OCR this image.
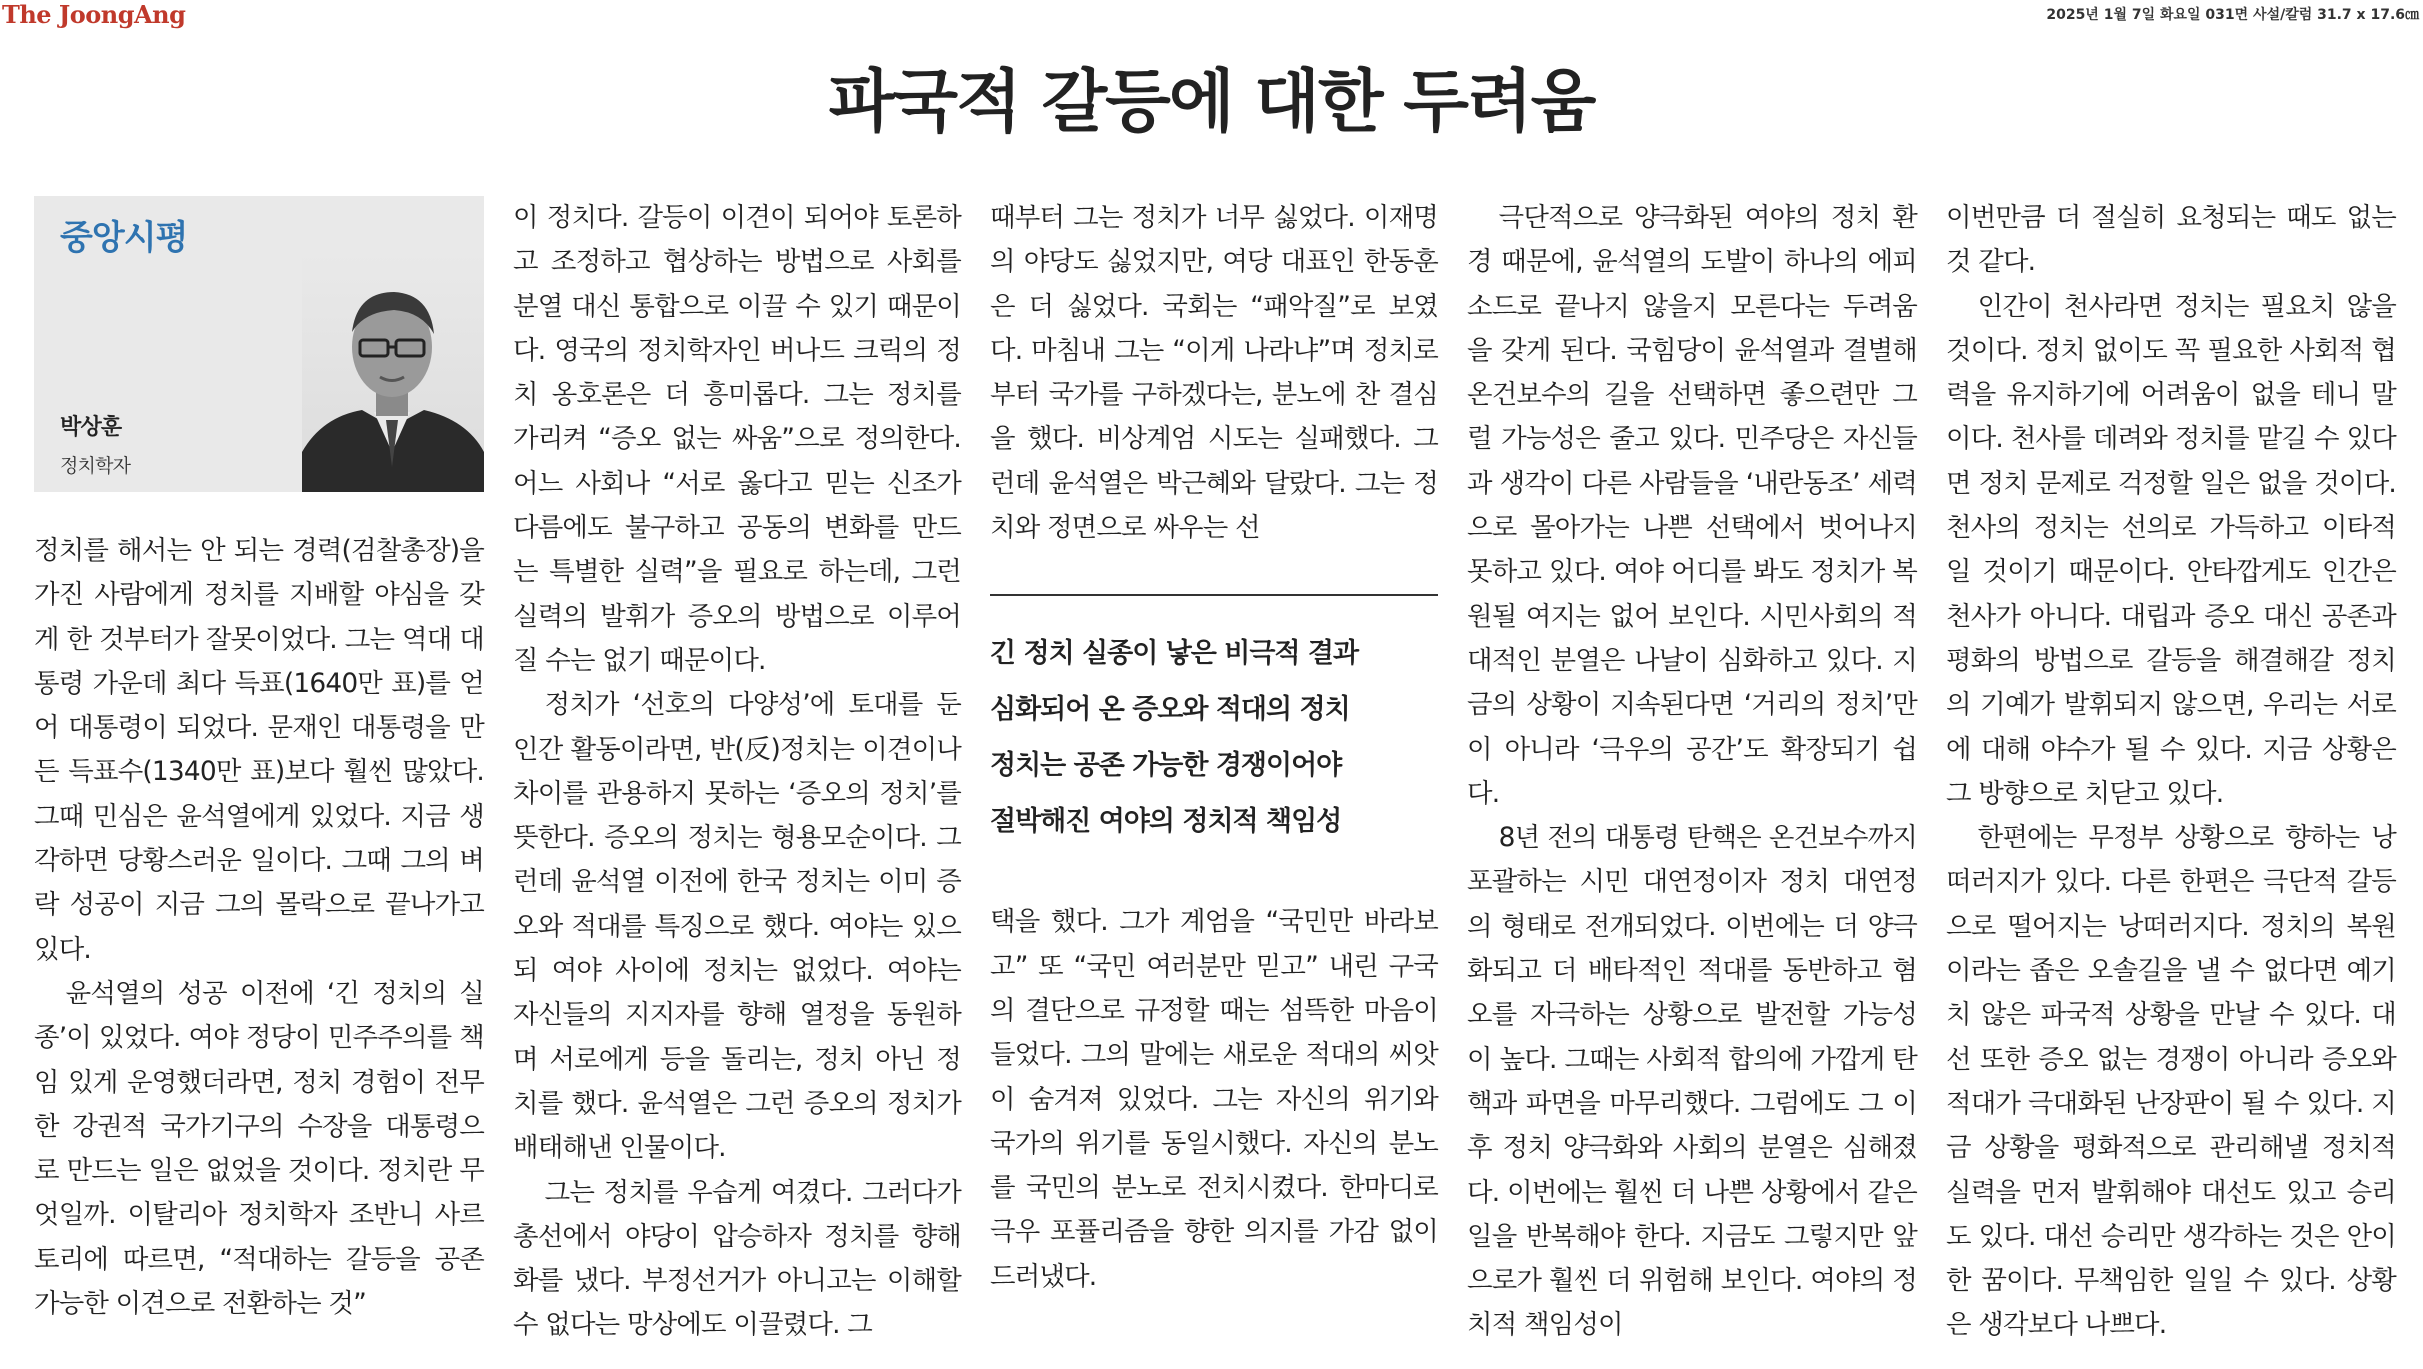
The JoongAng	2025년 1월 7일 화요일 031면 사설/칼럼 31.7 x 17.6㎝
파국적 갈등에 대한 두려움
중앙시평
박상훈
정치학자

정치를 해서는 안 되는 경력(검찰총장)을 가진 사람에게 정치를 지배할 야심을 갖게 한 것부터가 잘못이었다. 그는 역대 대통령 가운데 최다 득표(1640만 표)를 얻어 대통령이 되었다. 문재인 대통령을 만든 득표수(1340만 표)보다 훨씬 많았다. 그때 민심은 윤석열에게 있었다. 지금 생각하면 당황스러운 일이다. 그때 그의 벼락 성공이 지금 그의 몰락으로 끝나가고 있다.

윤석열의 성공 이전에 ‘긴 정치의 실종’이 있었다. 여야 정당이 민주주의를 책임 있게 운영했더라면, 정치 경험이 전무한 강권적 국가기구의 수장을 대통령으로 만드는 일은 없었을 것이다. 정치란 무엇일까. 이탈리아 정치학자 조반니 사르토리에 따르면, “적대하는 갈등을 공존 가능한 이견으로 전환하는 것”

이 정치다. 갈등이 이견이 되어야 토론하고 조정하고 협상하는 방법으로 사회를 분열 대신 통합으로 이끌 수 있기 때문이다. 영국의 정치학자인 버나드 크릭의 정치 옹호론은 더 흥미롭다. 그는 정치를 가리켜 “증오 없는 싸움”으로 정의한다. 어느 사회나 “서로 옳다고 믿는 신조가 다름에도 불구하고 공동의 변화를 만드는 특별한 실력”을 필요로 하는데, 그런 실력의 발휘가 증오의 방법으로 이루어질 수는 없기 때문이다.

정치가 ‘선호의 다양성’에 토대를 둔 인간 활동이라면, 반(反)정치는 이견이나 차이를 관용하지 못하는 ‘증오의 정치’를 뜻한다. 증오의 정치는 형용모순이다. 그런데 윤석열 이전에 한국 정치는 이미 증오와 적대를 특징으로 했다. 여야는 있으되 여야 사이에 정치는 없었다. 여야는 자신들의 지지자를 향해 열정을 동원하며 서로에게 등을 돌리는, 정치 아닌 정치를 했다. 윤석열은 그런 증오의 정치가 배태해낸 인물이다.

그는 정치를 우습게 여겼다. 그러다가 총선에서 야당이 압승하자 정치를 향해 화를 냈다. 부정선거가 아니고는 이해할 수 없다는 망상에도 이끌렸다. 그

때부터 그는 정치가 너무 싫었다. 이재명의 야당도 싫었지만, 여당 대표인 한동훈은 더 싫었다. 국회는 “패악질”로 보였다. 마침내 그는 “이게 나라냐”며 정치로부터 국가를 구하겠다는, 분노에 찬 결심을 했다. 비상계엄 시도는 실패했다. 그런데 윤석열은 박근혜와 달랐다. 그는 정치와 정면으로 싸우는 선

긴 정치 실종이 낳은 비극적 결과
심화되어 온 증오와 적대의 정치
정치는 공존 가능한 경쟁이어야
절박해진 여야의 정치적 책임성

택을 했다. 그가 계엄을 “국민만 바라보고” 또 “국민 여러분만 믿고” 내린 구국의 결단으로 규정할 때는 섬뜩한 마음이 들었다. 그의 말에는 새로운 적대의 씨앗이 숨겨져 있었다. 그는 자신의 위기와 국가의 위기를 동일시했다. 자신의 분노를 국민의 분노로 전치시켰다. 한마디로 극우 포퓰리즘을 향한 의지를 가감 없이 드러냈다.

극단적으로 양극화된 여야의 정치 환경 때문에, 윤석열의 도발이 하나의 에피소드로 끝나지 않을지 모른다는 두려움을 갖게 된다. 국힘당이 윤석열과 결별해 온건보수의 길을 선택하면 좋으련만 그럴 가능성은 줄고 있다. 민주당은 자신들과 생각이 다른 사람들을 ‘내란동조’ 세력으로 몰아가는 나쁜 선택에서 벗어나지 못하고 있다. 여야 어디를 봐도 정치가 복원될 여지는 없어 보인다. 시민사회의 적대적인 분열은 나날이 심화하고 있다. 지금의 상황이 지속된다면 ‘거리의 정치’만이 아니라 ‘극우의 공간’도 확장되기 쉽다.

8년 전의 대통령 탄핵은 온건보수까지 포괄하는 시민 대연정이자 정치 대연정의 형태로 전개되었다. 이번에는 더 양극화되고 더 배타적인 적대를 동반하고 혐오를 자극하는 상황으로 발전할 가능성이 높다. 그때는 사회적 합의에 가깝게 탄핵과 파면을 마무리했다. 그럼에도 그 이후 정치 양극화와 사회의 분열은 심해졌다. 이번에는 훨씬 더 나쁜 상황에서 같은 일을 반복해야 한다. 지금도 그렇지만 앞으로가 훨씬 더 위험해 보인다. 여야의 정치적 책임성이

이번만큼 더 절실히 요청되는 때도 없는 것 같다.

인간이 천사라면 정치는 필요치 않을 것이다. 정치 없이도 꼭 필요한 사회적 협력을 유지하기에 어려움이 없을 테니 말이다. 천사를 데려와 정치를 맡길 수 있다면 정치 문제로 걱정할 일은 없을 것이다. 천사의 정치는 선의로 가득하고 이타적일 것이기 때문이다. 안타깝게도 인간은 천사가 아니다. 대립과 증오 대신 공존과 평화의 방법으로 갈등을 해결해갈 정치의 기예가 발휘되지 않으면, 우리는 서로에 대해 야수가 될 수 있다. 지금 상황은 그 방향으로 치닫고 있다.

한편에는 무정부 상황으로 향하는 낭떠러지가 있다. 다른 한편은 극단적 갈등으로 떨어지는 낭떠러지다. 정치의 복원이라는 좁은 오솔길을 낼 수 없다면 예기치 않은 파국적 상황을 만날 수 있다. 대선 또한 증오 없는 경쟁이 아니라 증오와 적대가 극대화된 난장판이 될 수 있다. 지금 상황을 평화적으로 관리해낼 정치적 실력을 먼저 발휘해야 대선도 있고 승리도 있다. 대선 승리만 생각하는 것은 안이한 꿈이다. 무책임한 일일 수 있다. 상황은 생각보다 나쁘다.
